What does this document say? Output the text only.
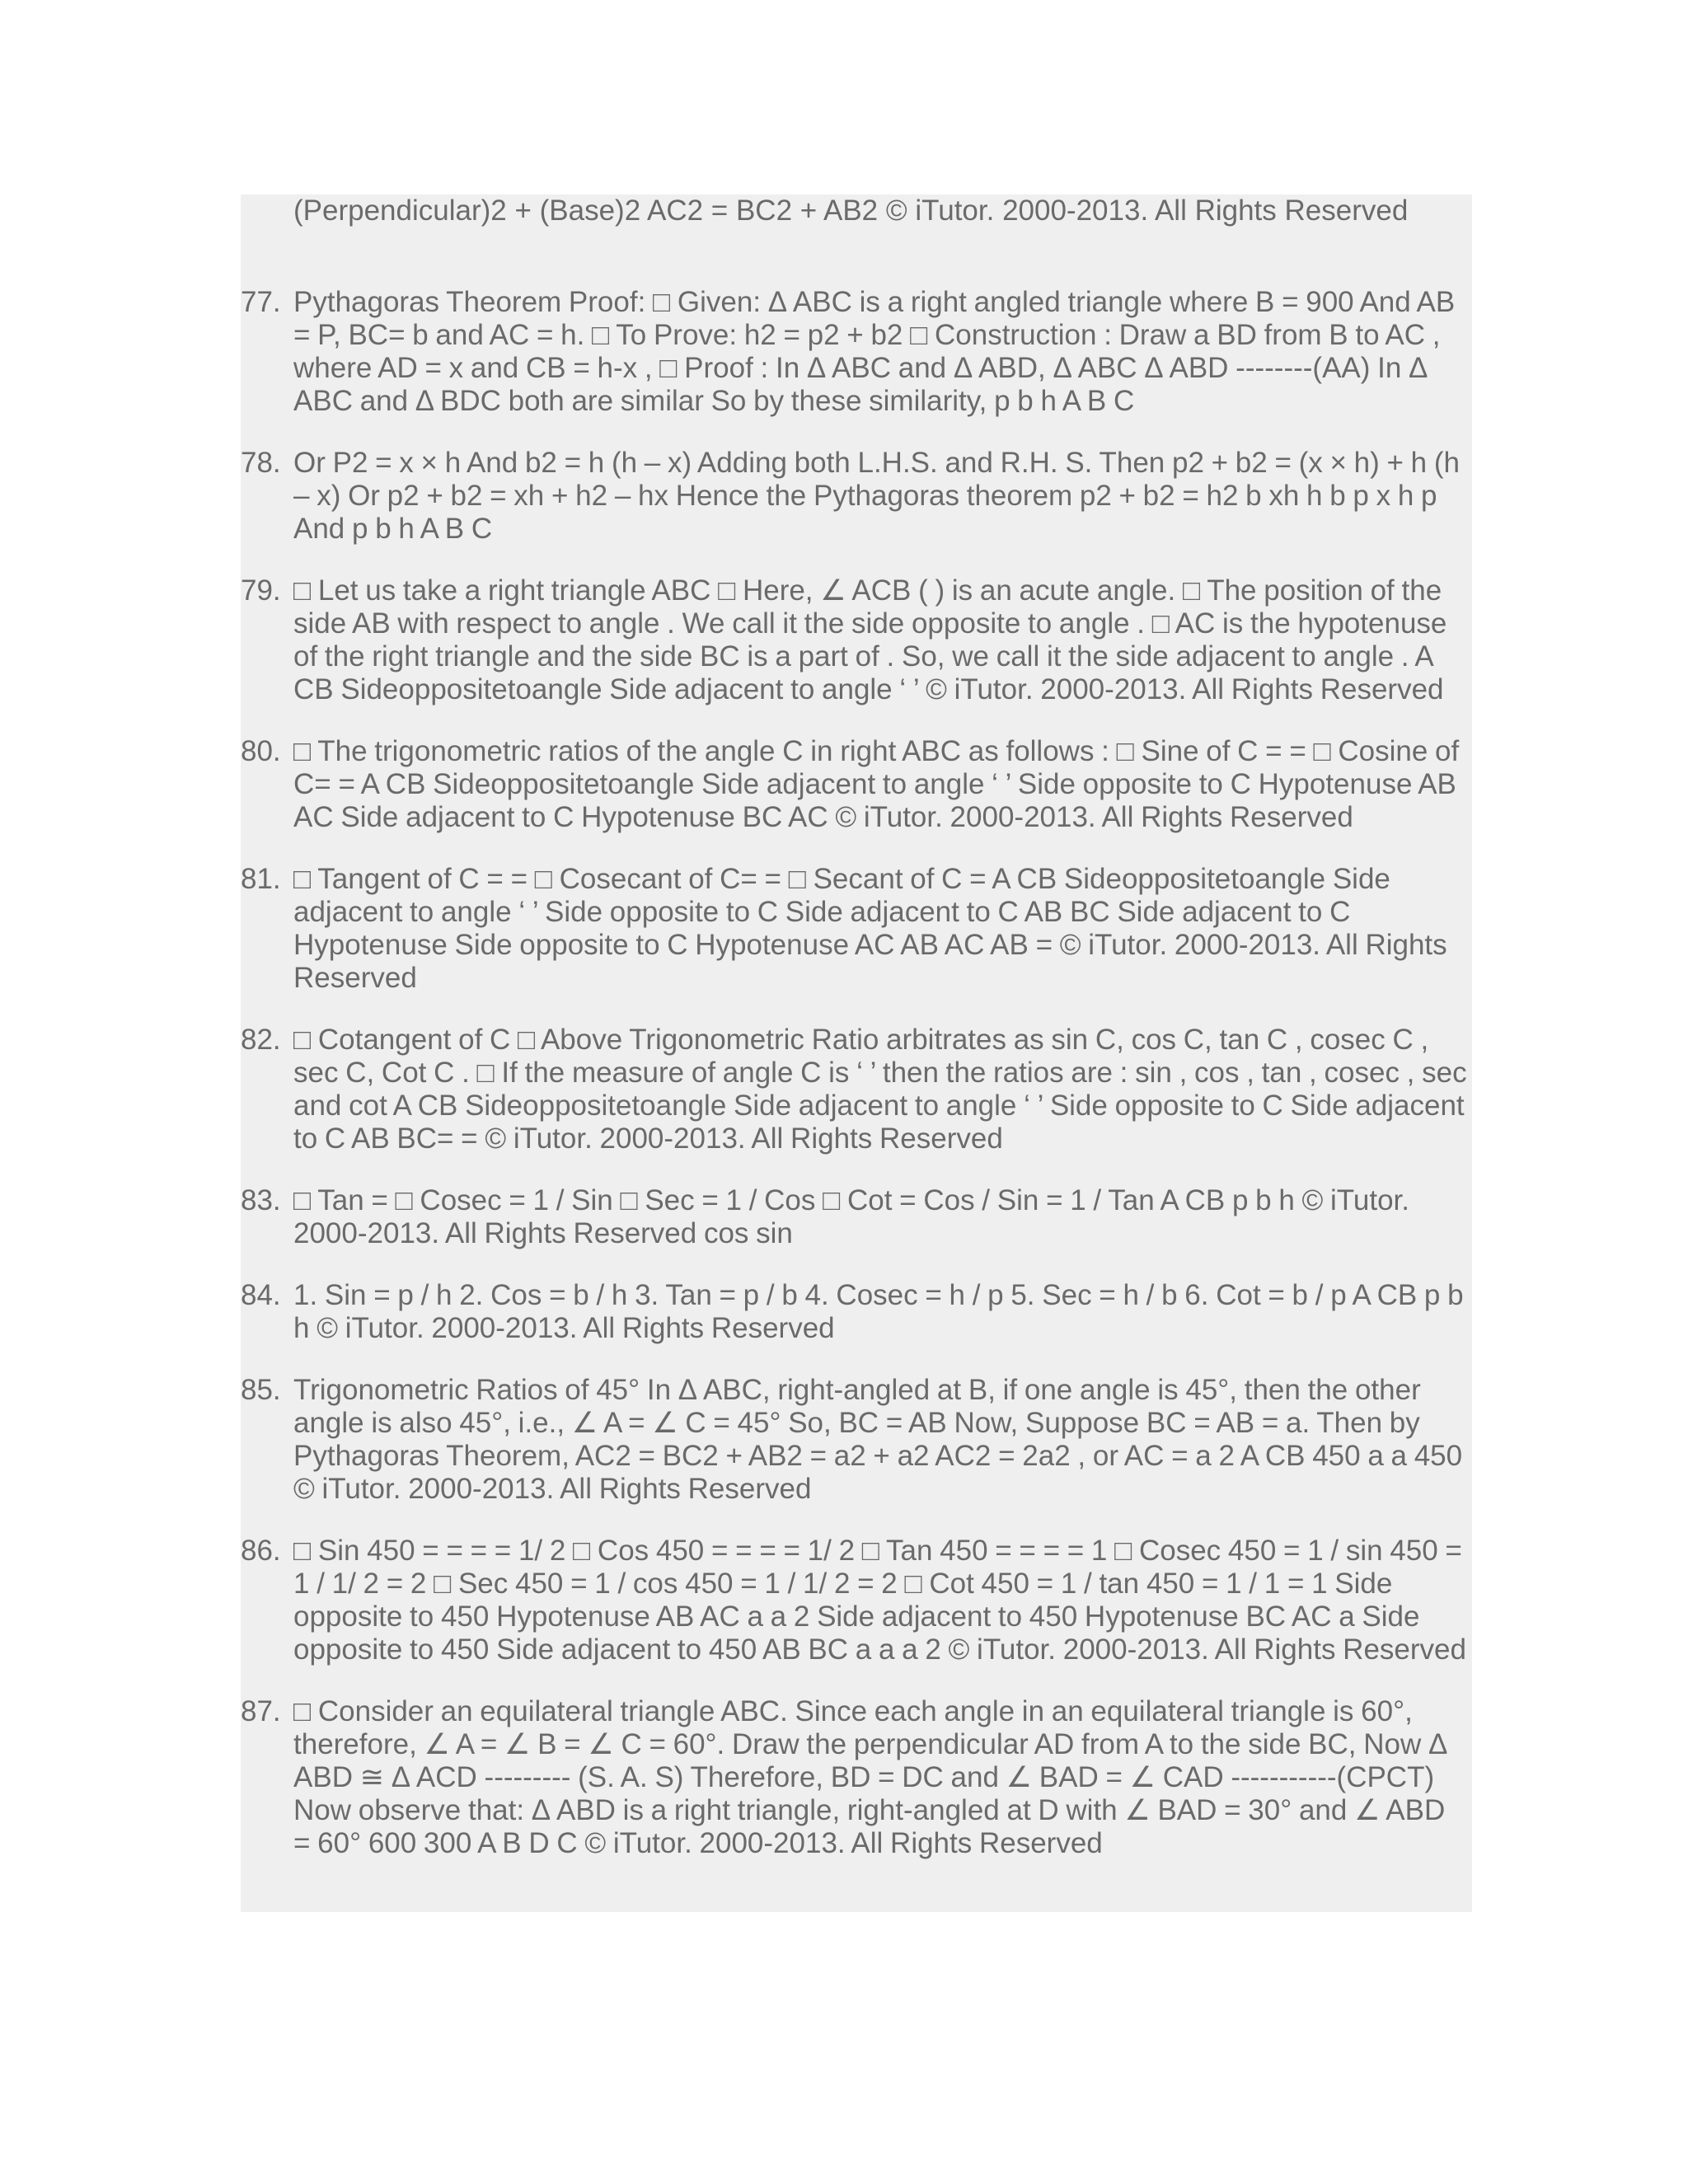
(Perpendicular)2 + (Base)2 AC2 = BC2 + AB2 © iTutor. 2000-2013. All Rights Reserved

77. Pythagoras Theorem Proof: □ Given: Δ ABC is a right angled triangle where B = 900 And AB = P, BC= b and AC = h. □ To Prove: h2 = p2 + b2 □ Construction : Draw a BD from B to AC , where AD = x and CB = h-x , □ Proof : In Δ ABC and Δ ABD, Δ ABC Δ ABD --------(AA) In Δ ABC and Δ BDC both are similar So by these similarity, p b h A B C
78. Or P2 = x × h And b2 = h (h – x) Adding both L.H.S. and R.H. S. Then p2 + b2 = (x × h) + h (h – x) Or p2 + b2 = xh + h2 – hx Hence the Pythagoras theorem p2 + b2 = h2 b xh h b p x h p And p b h A B C
79. □ Let us take a right triangle ABC □ Here, ∠ ACB ( ) is an acute angle. □ The position of the side AB with respect to angle . We call it the side opposite to angle . □ AC is the hypotenuse of the right triangle and the side BC is a part of . So, we call it the side adjacent to angle . A CB Sideoppositetoangle Side adjacent to angle ‘ ’ © iTutor. 2000-2013. All Rights Reserved
80. □ The trigonometric ratios of the angle C in right ABC as follows : □ Sine of C = = □ Cosine of C= = A CB Sideoppositetoangle Side adjacent to angle ‘ ’ Side opposite to C Hypotenuse AB AC Side adjacent to C Hypotenuse BC AC © iTutor. 2000-2013. All Rights Reserved
81. □ Tangent of C = = □ Cosecant of C= = □ Secant of C = A CB Sideoppositetoangle Side adjacent to angle ‘ ’ Side opposite to C Side adjacent to C AB BC Side adjacent to C Hypotenuse Side opposite to C Hypotenuse AC AB AC AB = © iTutor. 2000-2013. All Rights Reserved
82. □ Cotangent of C □ Above Trigonometric Ratio arbitrates as sin C, cos C, tan C , cosec C , sec C, Cot C . □ If the measure of angle C is ‘ ’ then the ratios are : sin , cos , tan , cosec , sec and cot A CB Sideoppositetoangle Side adjacent to angle ‘ ’ Side opposite to C Side adjacent to C AB BC= = © iTutor. 2000-2013. All Rights Reserved
83. □ Tan = □ Cosec = 1 / Sin □ Sec = 1 / Cos □ Cot = Cos / Sin = 1 / Tan A CB p b h © iTutor. 2000-2013. All Rights Reserved cos sin
84. 1. Sin = p / h 2. Cos = b / h 3. Tan = p / b 4. Cosec = h / p 5. Sec = h / b 6. Cot = b / p A CB p b h © iTutor. 2000-2013. All Rights Reserved
85. Trigonometric Ratios of 45° In Δ ABC, right-angled at B, if one angle is 45°, then the other angle is also 45°, i.e., ∠ A = ∠ C = 45° So, BC = AB Now, Suppose BC = AB = a. Then by Pythagoras Theorem, AC2 = BC2 + AB2 = a2 + a2 AC2 = 2a2 , or AC = a 2 A CB 450 a a 450 © iTutor. 2000-2013. All Rights Reserved
86. □ Sin 450 = = = = 1/ 2 □ Cos 450 = = = = 1/ 2 □ Tan 450 = = = = 1 □ Cosec 450 = 1 / sin 450 = 1 / 1/ 2 = 2 □ Sec 450 = 1 / cos 450 = 1 / 1/ 2 = 2 □ Cot 450 = 1 / tan 450 = 1 / 1 = 1 Side opposite to 450 Hypotenuse AB AC a a 2 Side adjacent to 450 Hypotenuse BC AC a Side opposite to 450 Side adjacent to 450 AB BC a a a 2 © iTutor. 2000-2013. All Rights Reserved
87. □ Consider an equilateral triangle ABC. Since each angle in an equilateral triangle is 60°, therefore, ∠ A = ∠ B = ∠ C = 60°. Draw the perpendicular AD from A to the side BC, Now Δ ABD ≅ Δ ACD --------- (S. A. S) Therefore, BD = DC and ∠ BAD = ∠ CAD -----------(CPCT) Now observe that: Δ ABD is a right triangle, right-angled at D with ∠ BAD = 30° and ∠ ABD = 60° 600 300 A B D C © iTutor. 2000-2013. All Rights Reserved
